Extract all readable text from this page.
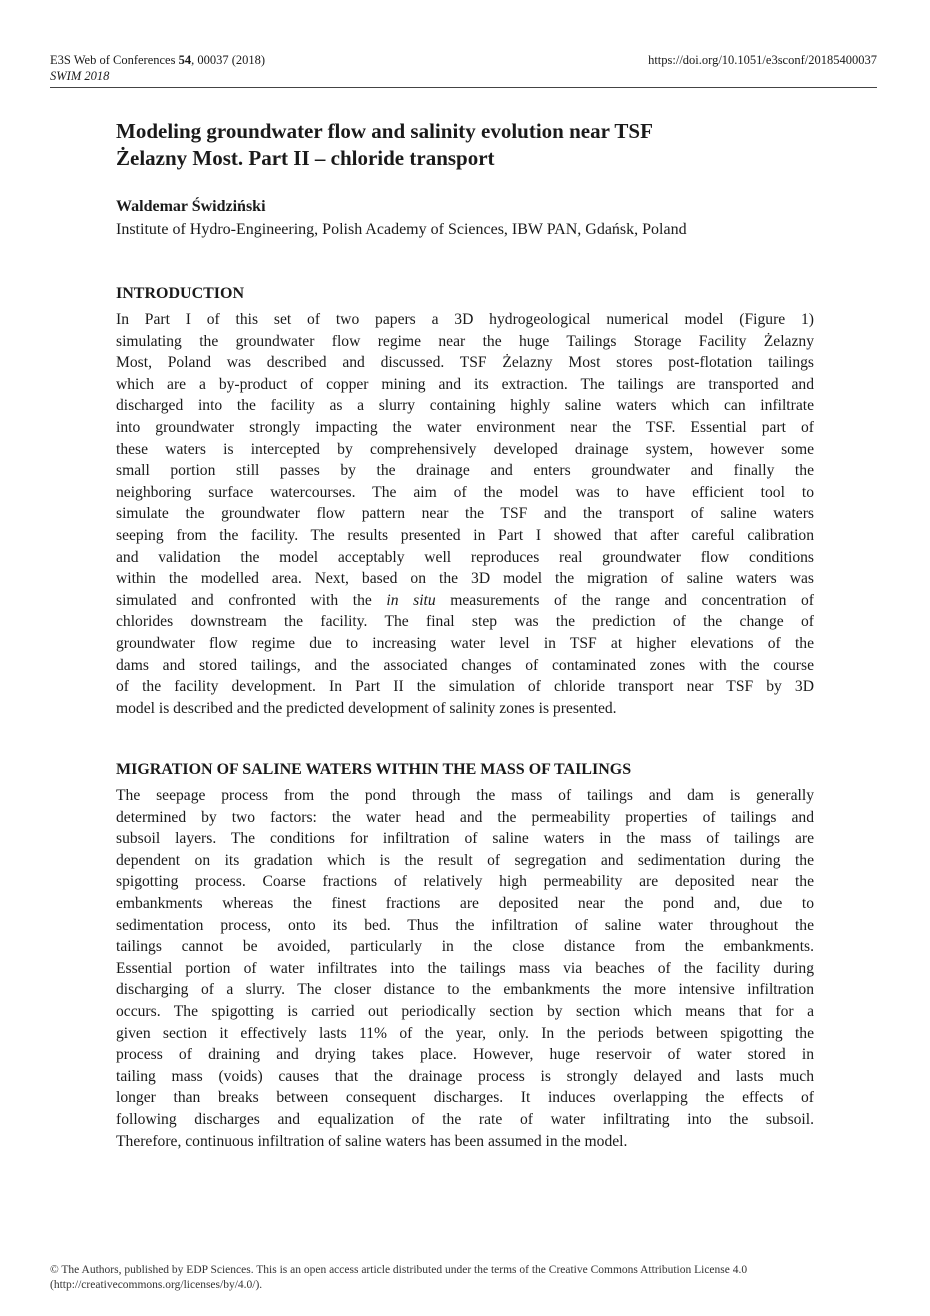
E3S Web of Conferences 54, 00037 (2018)
SWIM 2018
https://doi.org/10.1051/e3sconf/20185400037
Modeling groundwater flow and salinity evolution near TSF
Żelazny Most. Part II – chloride transport

Waldemar Świdziński

Institute of Hydro-Engineering, Polish Academy of Sciences, IBW PAN, Gdańsk, Poland

INTRODUCTION
In Part I of this set of two papers a 3D hydrogeological numerical model (Figure 1)
simulating the groundwater flow regime near the huge Tailings Storage Facility Żelazny
Most, Poland was described and discussed. TSF Żelazny Most stores post-flotation tailings
which are a by-product of copper mining and its extraction. The tailings are transported and
discharged into the facility as a slurry containing highly saline waters which can infiltrate
into groundwater strongly impacting the water environment near the TSF. Essential part of
these waters is intercepted by comprehensively developed drainage system, however some
small portion still passes by the drainage and enters groundwater and finally the
neighboring surface watercourses. The aim of the model was to have efficient tool to
simulate the groundwater flow pattern near the TSF and the transport of saline waters
seeping from the facility. The results presented in Part I showed that after careful calibration
and validation the model acceptably well reproduces real groundwater flow conditions
within the modelled area. Next, based on the 3D model the migration of saline waters was
simulated and confronted with the in situ measurements of the range and concentration of
chlorides downstream the facility. The final step was the prediction of the change of
groundwater flow regime due to increasing water level in TSF at higher elevations of the
dams and stored tailings, and the associated changes of contaminated zones with the course
of the facility development. In Part II the simulation of chloride transport near TSF by 3D
model is described and the predicted development of salinity zones is presented.
MIGRATION OF SALINE WATERS WITHIN THE MASS OF TAILINGS
The seepage process from the pond through the mass of tailings and dam is generally
determined by two factors: the water head and the permeability properties of tailings and
subsoil layers. The conditions for infiltration of saline waters in the mass of tailings are
dependent on its gradation which is the result of segregation and sedimentation during the
spigotting process. Coarse fractions of relatively high permeability are deposited near the
embankments whereas the finest fractions are deposited near the pond and, due to
sedimentation process, onto its bed. Thus the infiltration of saline water throughout the
tailings cannot be avoided, particularly in the close distance from the embankments.
Essential portion of water infiltrates into the tailings mass via beaches of the facility during
discharging of a slurry. The closer distance to the embankments the more intensive infiltration
occurs. The spigotting is carried out periodically section by section which means that for a
given section it effectively lasts 11% of the year, only. In the periods between spigotting the
process of draining and drying takes place. However, huge reservoir of water stored in
tailing mass (voids) causes that the drainage process is strongly delayed and lasts much
longer than breaks between consequent discharges. It induces overlapping the effects of
following discharges and equalization of the rate of water infiltrating into the subsoil.
Therefore, continuous infiltration of saline waters has been assumed in the model.
© The Authors, published by EDP Sciences. This is an open access article distributed under the terms of the Creative Commons Attribution License 4.0
(http://creativecommons.org/licenses/by/4.0/).
